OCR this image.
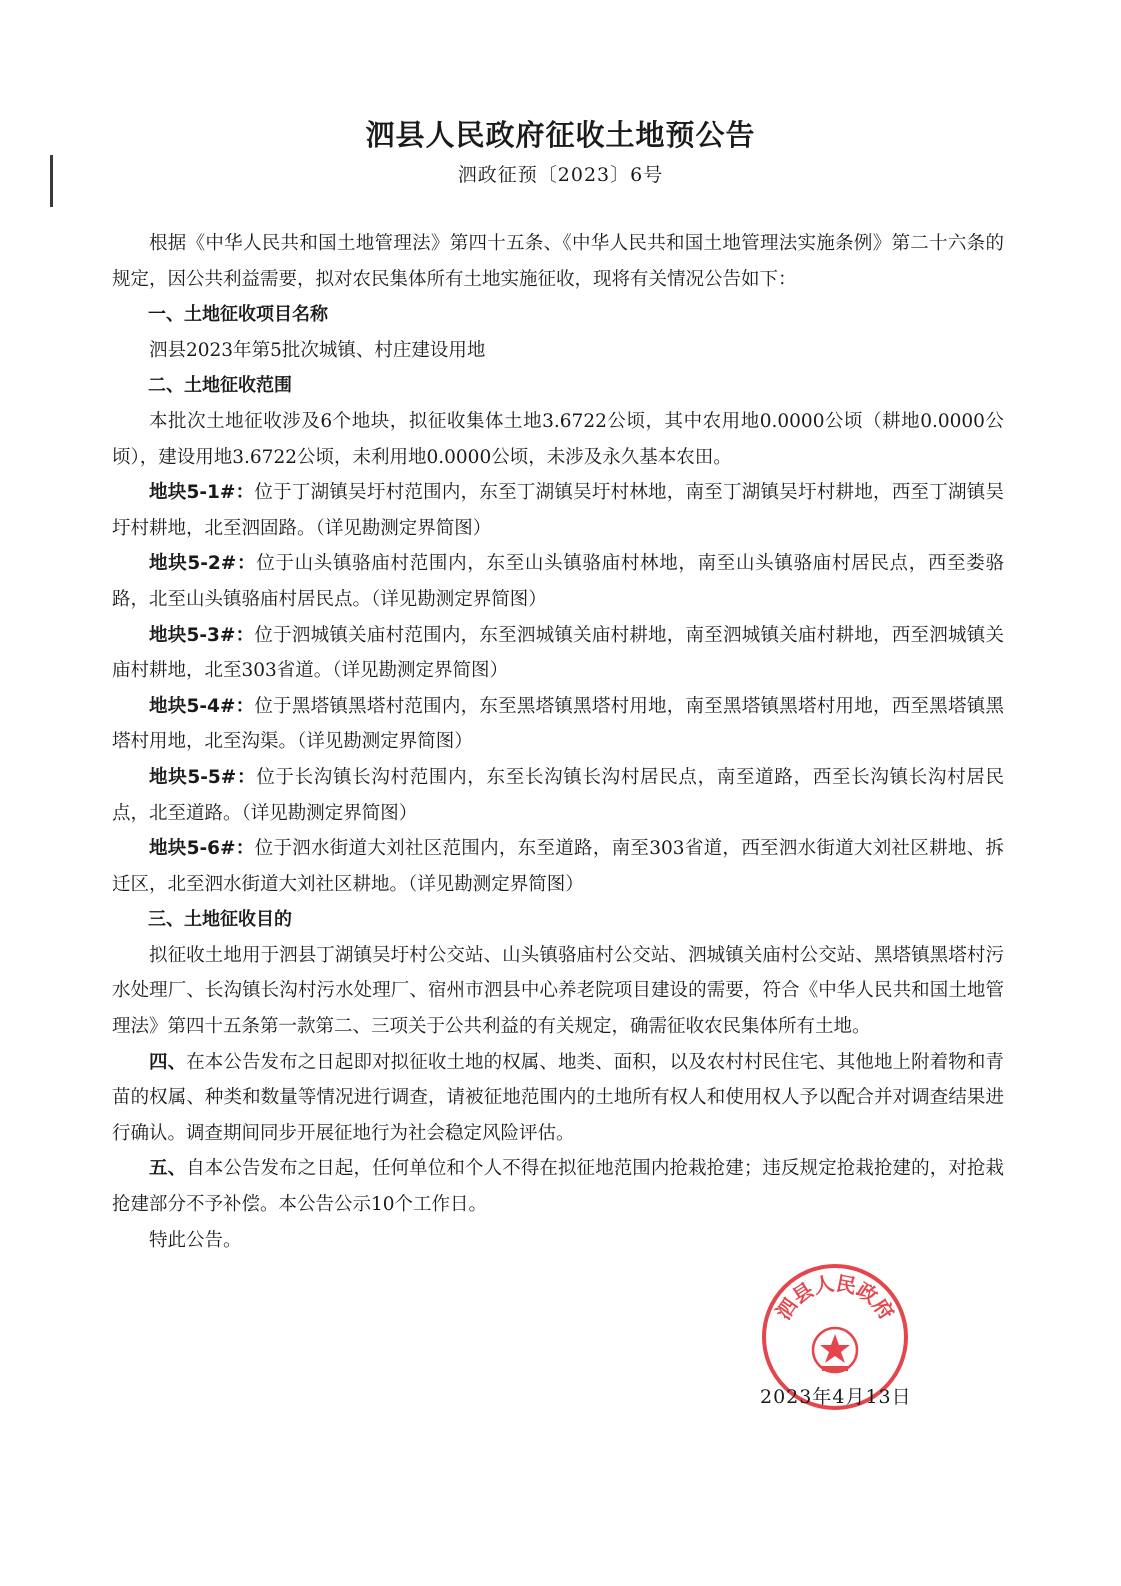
泗县人民政府征收土地预公告
泗政征预〔2023〕6号

根据《中华人民共和国土地管理法》第四十五条、《中华人民共和国土地管理法实施条例》第二十六条的规定，因公共利益需要，拟对农民集体所有土地实施征收，现将有关情况公告如下：

一、土地征收项目名称

泗县2023年第5批次城镇、村庄建设用地

二、土地征收范围

本批次土地征收涉及6个地块，拟征收集体土地3.6722公顷，其中农用地0.0000公顷（耕地0.0000公顷），建设用地3.6722公顷，未利用地0.0000公顷，未涉及永久基本农田。

地块5-1#：位于丁湖镇吴圩村范围内，东至丁湖镇吴圩村林地，南至丁湖镇吴圩村耕地，西至丁湖镇吴圩村耕地，北至泗固路。（详见勘测定界简图）

地块5-2#：位于山头镇骆庙村范围内，东至山头镇骆庙村林地，南至山头镇骆庙村居民点，西至娄骆路，北至山头镇骆庙村居民点。（详见勘测定界简图）

地块5-3#：位于泗城镇关庙村范围内，东至泗城镇关庙村耕地，南至泗城镇关庙村耕地，西至泗城镇关庙村耕地，北至303省道。（详见勘测定界简图）

地块5-4#：位于黑塔镇黑塔村范围内，东至黑塔镇黑塔村用地，南至黑塔镇黑塔村用地，西至黑塔镇黑塔村用地，北至沟渠。（详见勘测定界简图）

地块5-5#：位于长沟镇长沟村范围内，东至长沟镇长沟村居民点，南至道路，西至长沟镇长沟村居民点，北至道路。（详见勘测定界简图）

地块5-6#：位于泗水街道大刘社区范围内，东至道路，南至303省道，西至泗水街道大刘社区耕地、拆迁区，北至泗水街道大刘社区耕地。（详见勘测定界简图）

三、土地征收目的

拟征收土地用于泗县丁湖镇吴圩村公交站、山头镇骆庙村公交站、泗城镇关庙村公交站、黑塔镇黑塔村污水处理厂、长沟镇长沟村污水处理厂、宿州市泗县中心养老院项目建设的需要，符合《中华人民共和国土地管理法》第四十五条第一款第二、三项关于公共利益的有关规定，确需征收农民集体所有土地。

四、在本公告发布之日起即对拟征收土地的权属、地类、面积，以及农村村民住宅、其他地上附着物和青苗的权属、种类和数量等情况进行调查，请被征地范围内的土地所有权人和使用权人予以配合并对调查结果进行确认。调查期间同步开展征地行为社会稳定风险评估。

五、自本公告发布之日起，任何单位和个人不得在拟征地范围内抢栽抢建；违反规定抢栽抢建的，对抢栽抢建部分不予补偿。本公告公示10个工作日。

特此公告。

泗县人民政府
2023年4月13日
